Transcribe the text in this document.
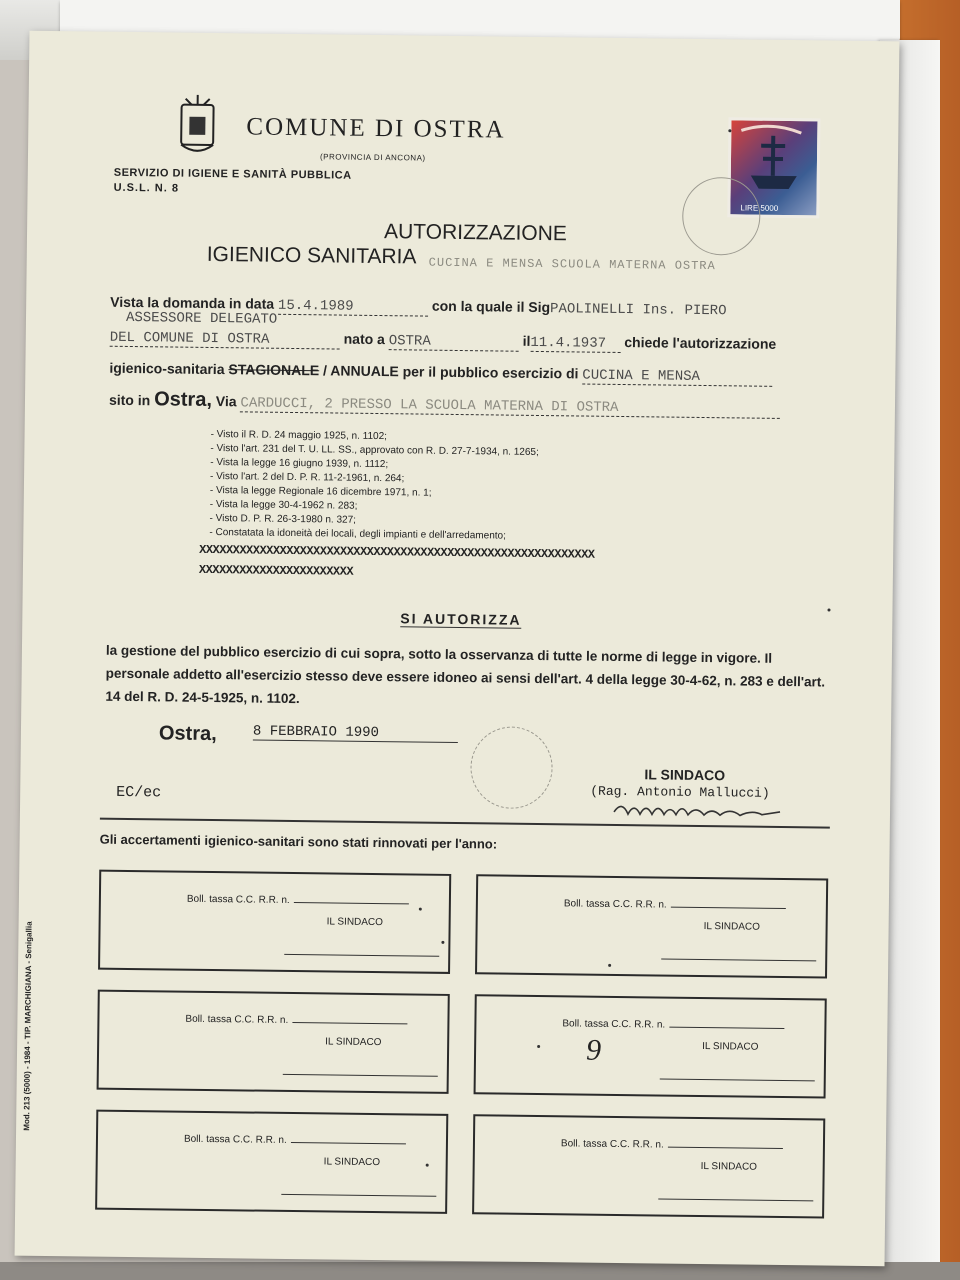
COMUNE DI OSTRA
(PROVINCIA DI ANCONA)
SERVIZIO DI IGIENE E SANITÀ PUBBLICA
U.S.L. N. 8
LIRE 5000
AUTORIZZAZIONE
IGIENICO SANITARIA CUCINA E MENSA SCUOLA MATERNA OSTRA
Vista la domanda in data 15.4.1989	con la quale il SigPAOLINELLI Ins. PIERO
ASSESSORE DELEGATO
DEL COMUNE DI OSTRA	nato a OSTRA	il11.4.1937 chiede l'autorizzazione
igienico-sanitaria STAGIONALE / ANNUALE per il pubblico esercizio di CUCINA E MENSA
sito in Ostra, Via CARDUCCI, 2 PRESSO LA SCUOLA MATERNA DI OSTRA
- Visto il R. D. 24 maggio 1925, n. 1102;
- Visto l'art. 231 del T. U. LL. SS., approvato con R. D. 27-7-1934, n. 1265;
- Vista la legge 16 giugno 1939, n. 1112;
- Visto l'art. 2 del D. P. R. 11-2-1961, n. 264;
- Vista la legge Regionale 16 dicembre 1971, n. 1;
- Vista la legge 30-4-1962 n. 283;
- Visto D. P. R. 26-3-1980 n. 327;
- Constatata la idoneità dei locali, degli impianti e dell'arredamento;
XXXXXXXXXXXXXXXXXXXXXXXXXXXXXXXXXXXXXXXXXXXXXXXXXXXXXXXXXXX
XXXXXXXXXXXXXXXXXXXXXXX
SI AUTORIZZA
la gestione del pubblico esercizio di cui sopra, sotto la osservanza di tutte le norme di legge in vigore. Il personale addetto all'esercizio stesso deve essere idoneo ai sensi dell'art. 4 della legge 30-4-62, n. 283 e dell'art. 14 del R. D. 24-5-1925, n. 1102.
Ostra,	8 FEBBRAIO 1990
IL SINDACO
EC/ec	(Rag. Antonio Mallucci)
Gli accertamenti igienico-sanitari sono stati rinnovati per l'anno:
Boll. tassa C.C. R.R. n.
IL SINDACO
Boll. tassa C.C. R.R. n.
IL SINDACO
Boll. tassa C.C. R.R. n.
IL SINDACO
Boll. tassa C.C. R.R. n.
IL SINDACO
9
Boll. tassa C.C. R.R. n.
IL SINDACO
Boll. tassa C.C. R.R. n.
IL SINDACO
Mod. 213 (5000) - 1984 - TIP. MARCHIGIANA - Senigallia
